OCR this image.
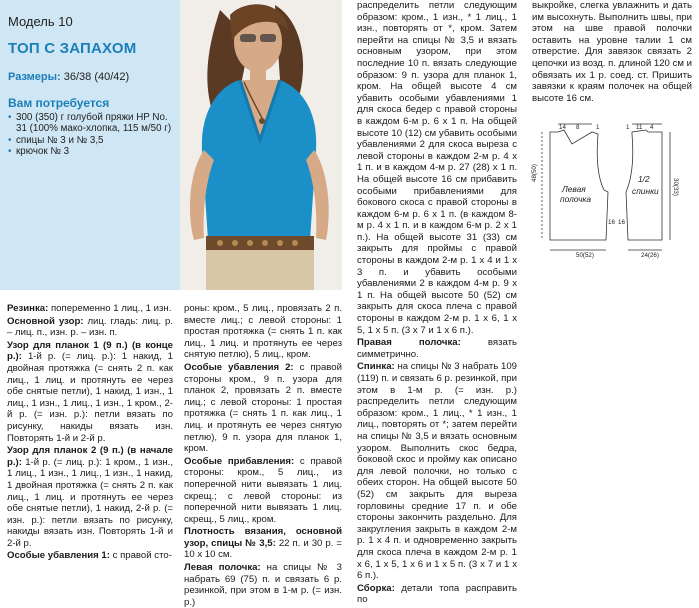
Модель 10
ТОП С ЗАПАХОМ
Размеры: 36/38 (40/42)
Вам потребуется
• 300 (350) г голубой пряжи HP No. 31 (100% мако-хлопка, 115 м/50 г)
• спицы № 3 и № 3,5
• крючок № 3

Резинка: попеременно 1 лиц., 1 изн.

Основной узор: лиц. гладь: лиц. р. – лиц. п., изн. р. – изн. п.

Узор для планок 1 (9 п.) (в конце р.): 1-й р. (= лиц. р.): 1 накид, 1 двойная протяжка (= снять 2 п. как лиц., 1 лиц. и протянуть ее через обе снятые петли), 1 накид, 1 изн., 1 лиц., 1 изн., 1 лиц., 1 изн., 1 кром., 2-й р. (= изн. р.): петли вязать по рисунку, накиды вязать изн. Повторять 1-й и 2-й р.

Узор для планок 2 (9 п.) (в начале р.): 1-й р. (= лиц. р.): 1 кром., 1 изн., 1 лиц., 1 изн., 1 лиц., 1 изн., 1 накид, 1 двойная протяжка (= снять 2 п. как лиц., 1 лиц. и протянуть ее через обе снятые петли), 1 накид, 2-й р. (= изн. р.): петли вязать по рисунку, накиды вязать изн. Повторять 1-й и 2-й р.

Особые убавления 1: с правой сто-

роны: кром., 5 лиц., провязать 2 п. вместе лиц.; с левой стороны: 1 простая протяжка (= снять 1 п. как лиц., 1 лиц. и протянуть ее через снятую петлю), 5 лиц., кром.

Особые убавления 2: с правой стороны кром., 9 п. узора для планок 2, провязать 2 п. вместе лиц.; с левой стороны: 1 простая протяжка (= снять 1 п. как лиц., 1 лиц. и протянуть ее через снятую петлю), 9 п. узора для планок 1, кром.

Особые прибавления: с правой стороны: кром., 5 лиц., из поперечной нити вывязать 1 лиц. скрещ.; с левой стороны: из поперечной нити вывязать 1 лиц. скрещ., 5 лиц., кром.

Плотность вязания, основной узор, спицы № 3,5: 22 п. и 30 р. = 10 х 10 см.

Левая полочка: на спицы № 3 набрать 69 (75) п. и связать 6 р. резинкой, при этом в 1-м р. (= изн. р.)

распределить петли следующим образом: кром., 1 изн., * 1 лиц., 1 изн., повторять от *, кром. Затем перейти на спицы № 3,5 и вязать основным узором, при этом последние 10 п. вязать следующие образом: 9 п. узора для планок 1, кром. На общей высоте 4 см убавить особыми убавлениями 1 для скоса бедер с правой стороны в каждом 6-м р. 6 х 1 п. На общей высоте 10 (12) см убавить особыми убавлениями 2 для скоса выреза с левой стороны в каждом 2-м р. 4 х 1 п. и в каждом 4-м р. 27 (28) х 1 п. На общей высоте 16 см прибавить особыми прибавлениями для бокового скоса с правой стороны в каждом 6-м р. 6 х 1 п. (в каждом 8-м р. 4 х 1 п. и в каждом 6-м р. 2 х 1 п.). На общей высоте 31 (33) см закрыть для проймы с правой стороны в каждом 2-м р. 1 х 4 и 1 х 3 п. и убавить особыми убавлениями 2 в каждом 4-м р. 9 х 1 п. На общей высоте 50 (52) см закрыть для скоса плеча с правой стороны в каждом 2-м р. 1 х 6, 1 х 5, 1 х 5 п. (3 х 7 и 1 х 6 п.).

Правая полочка: вязать симметрично.

Спинка: на спицы № 3 набрать 109 (119) п. и связать 6 р. резинкой, при этом в 1-м р. (= изн. р.) распределить петли следующим образом: кром., 1 лиц., * 1 изн., 1 лиц., повторять от *; затем перейти на спицы № 3,5 и вязать основным узором. Выполнить скос бедра, боковой скос и пройму как описано для левой полочки, но только с обеих сторон. На общей высоте 50 (52) см закрыть для выреза горловины средние 17 п. и обе стороны закончить раздельно. Для закругления закрыть в каждом 2-м р. 1 х 4 п. и одновременно закрыть для скоса плеча в каждом 2-м р. 1 х 6, 1 х 5, 1 х 6 и 1 х 5 п. (3 х 7 и 1 х 6 п.).

Сборка: детали топа расправить по

выкройке, слегка увлажнить и дать им высохнуть. Выполнить швы, при этом на шве правой полочки оставить на уровне талии 1 см отверстие. Для завязок связать 2 цепочки из возд. п. длиной 120 см и обвязать их 1 р. соед. ст. Пришить завязки к краям полочек на общей высоте 16 см.

14 8	11 4
1	1
48(50)
50(52)	24(26)
30(33)
16 16
Левая
полочка
1/2
спинки
